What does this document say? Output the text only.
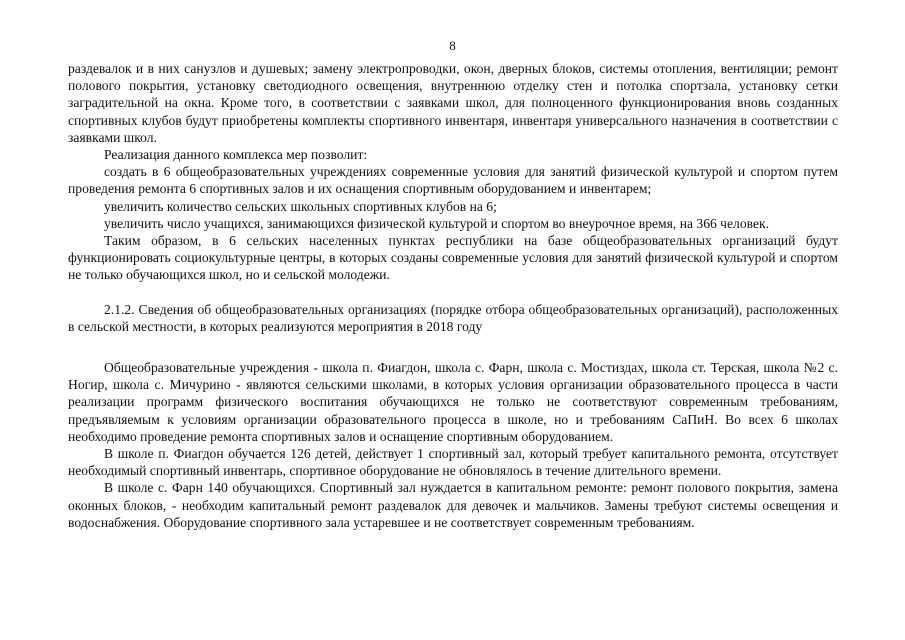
8

раздевалок и в них санузлов и душевых; замену электропроводки, окон, дверных блоков, системы отопления, вентиляции; ремонт полового покрытия, установку светодиодного освещения, внутреннюю отделку стен и потолка спортзала, установку сетки заградительной на окна. Кроме того, в соответствии с заявками школ, для полноценного функционирования вновь созданных спортивных клубов будут приобретены комплекты спортивного инвентаря, инвентаря универсального назначения в соответствии с заявками школ.

Реализация данного комплекса мер позволит:

создать в 6 общеобразовательных учреждениях современные условия для занятий физической культурой и спортом путем проведения ремонта 6 спортивных залов и их оснащения спортивным оборудованием и инвентарем;

увеличить количество сельских школьных спортивных клубов на 6;

увеличить число учащихся, занимающихся физической культурой и спортом во внеурочное время, на 366 человек.

Таким образом, в 6 сельских населенных пунктах республики на базе общеобразовательных организаций будут функционировать социокультурные центры, в которых созданы современные условия для занятий физической культурой и спортом не только обучающихся школ, но и сельской молодежи.

2.1.2. Сведения об общеобразовательных организациях (порядке отбора общеобразовательных организаций), расположенных в сельской местности, в которых реализуются мероприятия в 2018 году

Общеобразовательные учреждения - школа п. Фиагдон, школа с. Фарн, школа с. Мостиздах, школа ст. Терская, школа №2 с. Ногир, школа с. Мичурино - являются сельскими школами, в которых условия организации образовательного процесса в части реализации программ физического воспитания обучающихся не только не соответствуют современным требованиям, предъявляемым к условиям организации образовательного процесса в школе, но и требованиям СаПиН. Во всех 6 школах необходимо проведение ремонта спортивных залов и оснащение спортивным оборудованием.

В школе п. Фиагдон обучается 126 детей, действует 1 спортивный зал, который требует капитального ремонта, отсутствует необходимый спортивный инвентарь, спортивное оборудование не обновлялось в течение длительного времени.

В школе с. Фарн 140 обучающихся. Спортивный зал нуждается в капитальном ремонте: ремонт полового покрытия, замена оконных блоков, - необходим капитальный ремонт раздевалок для девочек и мальчиков. Замены требуют системы освещения и водоснабжения. Оборудование спортивного зала устаревшее и не соответствует современным требованиям.
